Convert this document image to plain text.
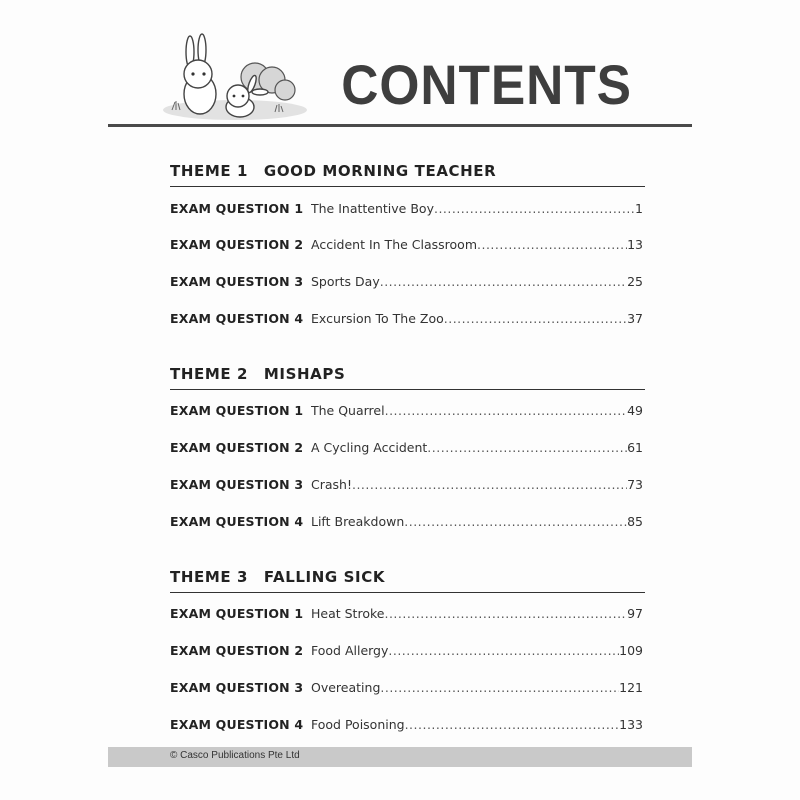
CONTENTS
THEME 1 GOOD MORNING TEACHER
EXAM QUESTION 1 The Inattentive Boy .....	1
EXAM QUESTION 2 Accident In The Classroom .....	13
EXAM QUESTION 3 Sports Day .....	25
EXAM QUESTION 4 Excursion To The Zoo .....	37
THEME 2 MISHAPS
EXAM QUESTION 1 The Quarrel .....	49
EXAM QUESTION 2 A Cycling Accident .....	61
EXAM QUESTION 3 Crash! .....	73
EXAM QUESTION 4 Lift Breakdown .....	85
THEME 3 FALLING SICK
EXAM QUESTION 1 Heat Stroke .....	97
EXAM QUESTION 2 Food Allergy .....	109
EXAM QUESTION 3 Overeating .....	121
EXAM QUESTION 4 Food Poisoning .....	133
© Casco Publications Pte Ltd
